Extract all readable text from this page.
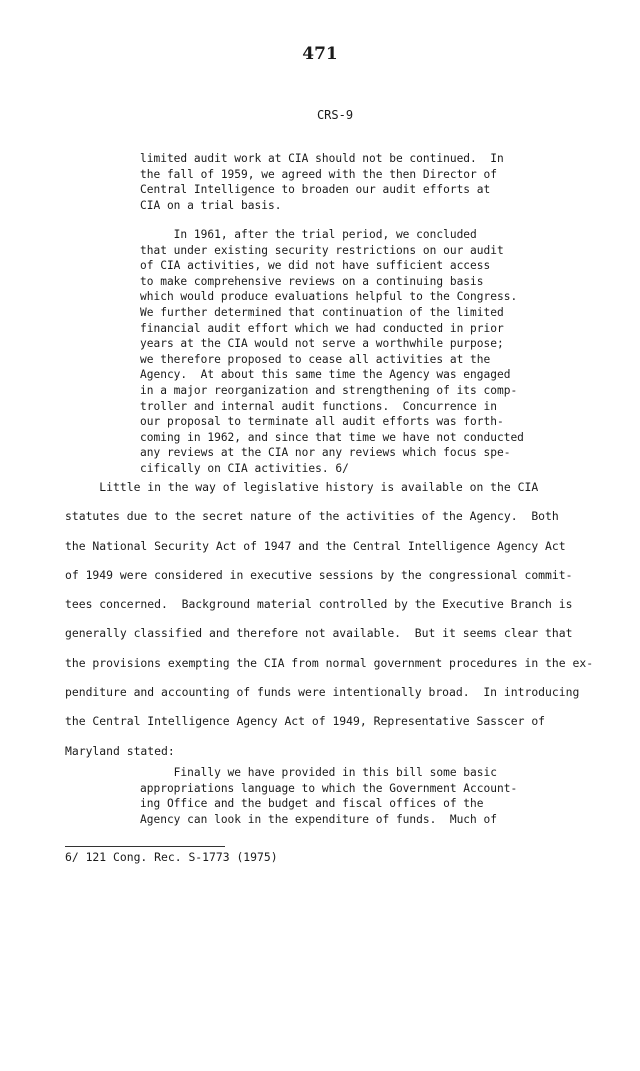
471

CRS-9

limited audit work at CIA should not be continued.  In
the fall of 1959, we agreed with the then Director of
Central Intelligence to broaden our audit efforts at
CIA on a trial basis.
In 1961, after the trial period, we concluded
that under existing security restrictions on our audit
of CIA activities, we did not have sufficient access
to make comprehensive reviews on a continuing basis
which would produce evaluations helpful to the Congress.
We further determined that continuation of the limited
financial audit effort which we had conducted in prior
years at the CIA would not serve a worthwhile purpose;
we therefore proposed to cease all activities at the
Agency.  At about this same time the Agency was engaged
in a major reorganization and strengthening of its comp-
troller and internal audit functions.  Concurrence in
our proposal to terminate all audit efforts was forth-
coming in 1962, and since that time we have not conducted
any reviews at the CIA nor any reviews which focus spe-
cifically on CIA activities. 6/
Little in the way of legislative history is available on the CIA
statutes due to the secret nature of the activities of the Agency.  Both
the National Security Act of 1947 and the Central Intelligence Agency Act
of 1949 were considered in executive sessions by the congressional commit-
tees concerned.  Background material controlled by the Executive Branch is
generally classified and therefore not available.  But it seems clear that
the provisions exempting the CIA from normal government procedures in the ex-
penditure and accounting of funds were intentionally broad.  In introducing
the Central Intelligence Agency Act of 1949, Representative Sasscer of
Maryland stated:
Finally we have provided in this bill some basic
appropriations language to which the Government Account-
ing Office and the budget and fiscal offices of the
Agency can look in the expenditure of funds.  Much of

6/ 121 Cong. Rec. S-1773 (1975)
